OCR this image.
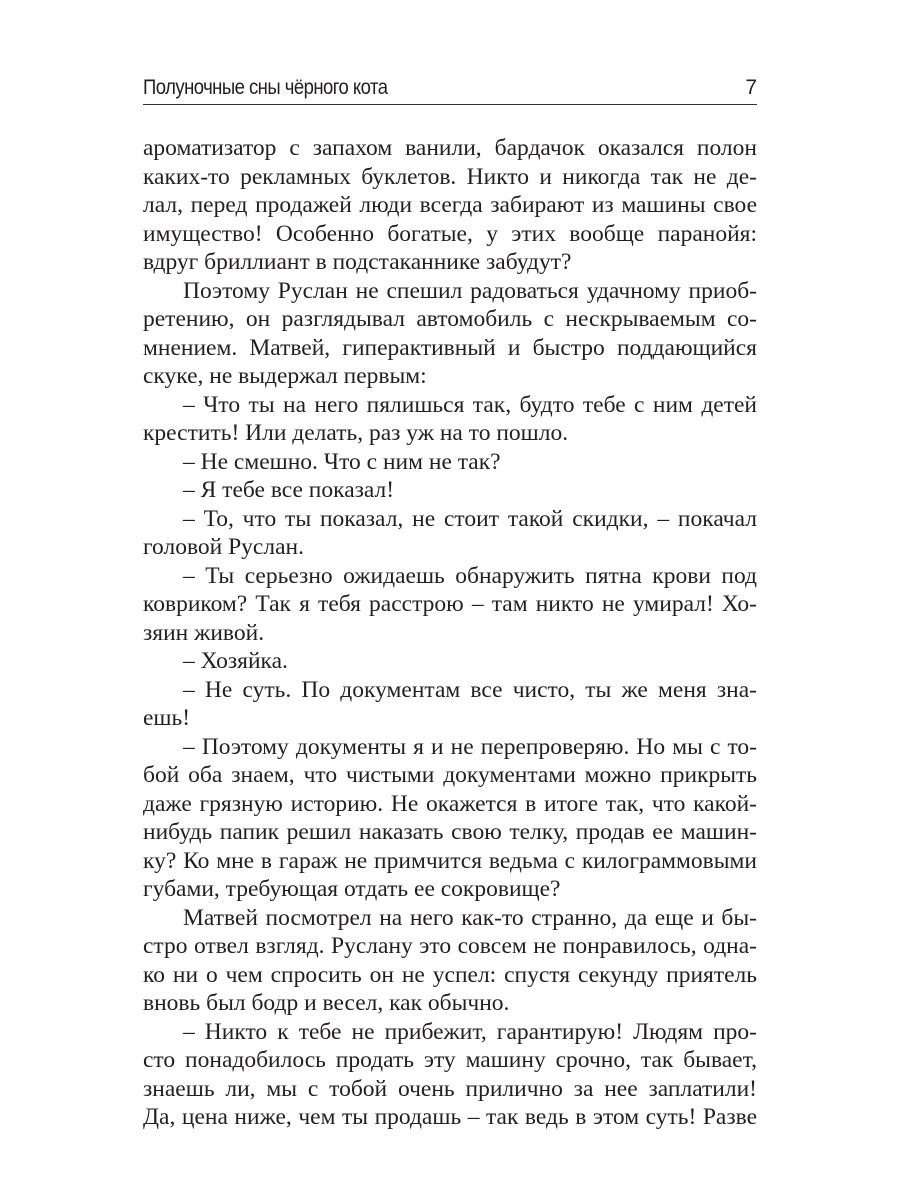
Полуночные сны чёрного кота	7
ароматизатор с запахом ванили, бардачок оказался полон
каких-то рекламных буклетов. Никто и никогда так не де-
лал, перед продажей люди всегда забирают из машины свое
имущество! Особенно богатые, у этих вообще паранойя:
вдруг бриллиант в подстаканнике забудут?
Поэтому Руслан не спешил радоваться удачному приоб-
ретению, он разглядывал автомобиль с нескрываемым со-
мнением. Матвей, гиперактивный и быстро поддающийся
скуке, не выдержал первым:
– Что ты на него пялишься так, будто тебе с ним детей
крестить! Или делать, раз уж на то пошло.
– Не смешно. Что с ним не так?
– Я тебе все показал!
– То, что ты показал, не стоит такой скидки, – покачал
головой Руслан.
– Ты серьезно ожидаешь обнаружить пятна крови под
ковриком? Так я тебя расстрою – там никто не умирал! Хо-
зяин живой.
– Хозяйка.
– Не суть. По документам все чисто, ты же меня зна-
ешь!
– Поэтому документы я и не перепроверяю. Но мы с то-
бой оба знаем, что чистыми документами можно прикрыть
даже грязную историю. Не окажется в итоге так, что какой-
нибудь папик решил наказать свою телку, продав ее машин-
ку? Ко мне в гараж не примчится ведьма с килограммовыми
губами, требующая отдать ее сокровище?
Матвей посмотрел на него как-то странно, да еще и бы-
стро отвел взгляд. Руслану это совсем не понравилось, одна-
ко ни о чем спросить он не успел: спустя секунду приятель
вновь был бодр и весел, как обычно.
– Никто к тебе не прибежит, гарантирую! Людям про-
сто понадобилось продать эту машину срочно, так бывает,
знаешь ли, мы с тобой очень прилично за нее заплатили!
Да, цена ниже, чем ты продашь – так ведь в этом суть! Разве
